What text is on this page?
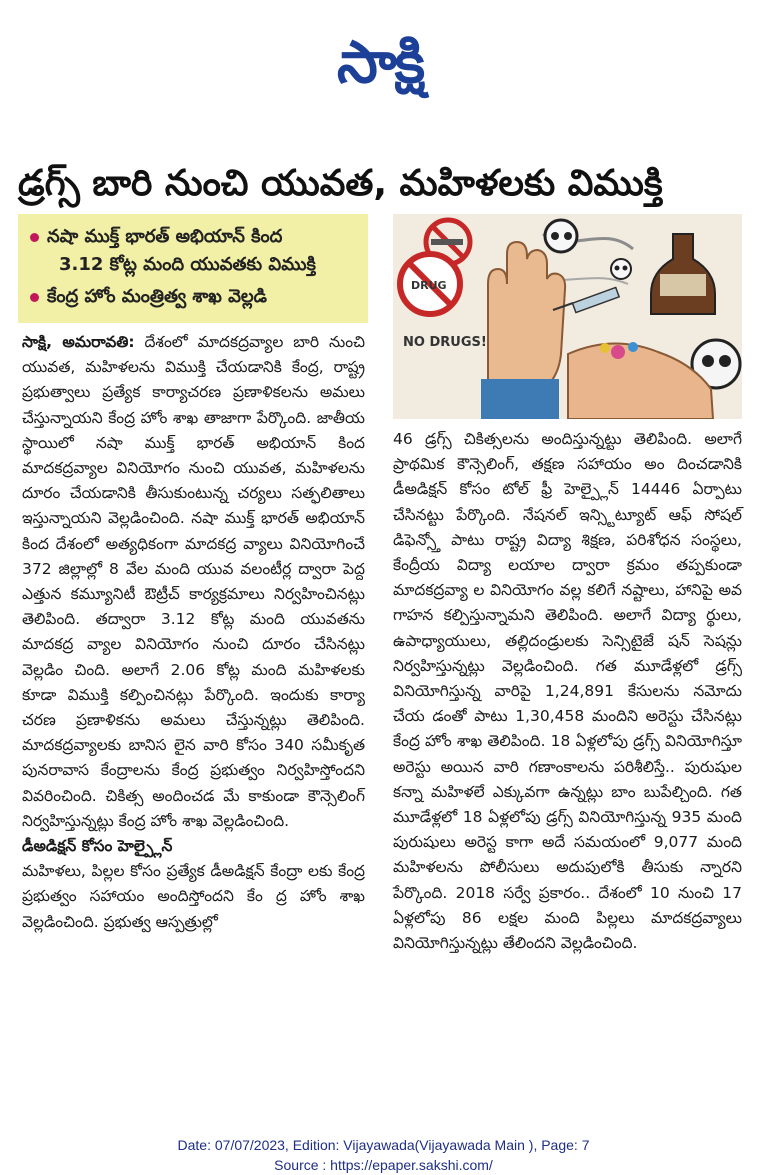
సాక్షి
డ్రగ్స్ బారి నుంచి యువత, మహిళలకు విముక్తి
నషా ముక్త్ భారత్ అభియాన్ కింద
3.12 కోట్ల మంది యువతకు విముక్తి
కేంద్ర హోం మంత్రిత్వ శాఖ వెల్లడి
DRUG
NO DRUGS!

సాక్షి, అమరావతి: దేశంలో మాదకద్రవ్యాల బారి నుంచి యువత, మహిళలను విముక్తి చేయడానికి కేంద్ర, రాష్ట్ర ప్రభుత్వాలు ప్రత్యేక కార్యాచరణ ప్రణాళికలను అమలు చేస్తున్నాయని కేంద్ర హోం శాఖ తాజాగా పేర్కొంది. జాతీయ స్థాయిలో నషా ముక్త్ భారత్ అభియాన్ కింద మాదకద్రవ్యాల వినియోగం నుంచి యువత, మహిళలను దూరం చేయడానికి తీసుకుంటున్న చర్యలు సత్ఫలితాలు ఇస్తున్నాయని వెల్లడించింది. నషా ముక్త్ భారత్ అభియాన్ కింద దేశంలో అత్యధికంగా మాదకద్ర వ్యాలు వినియోగించే 372 జిల్లాల్లో 8 వేల మంది యువ వలంటీర్ల ద్వారా పెద్ద ఎత్తున కమ్యూనిటీ ఔట్రీచ్ కార్యక్రమాలు నిర్వహించినట్లు తెలిపింది. తద్వారా 3.12 కోట్ల మంది యువతను మాదకద్ర వ్యాల వినియోగం నుంచి దూరం చేసినట్లు వెల్లడిం చింది. అలాగే 2.06 కోట్ల మంది మహిళలకు కూడా విముక్తి కల్పించినట్లు పేర్కొంది. ఇందుకు కార్యా చరణ ప్రణాళికను అమలు చేస్తున్నట్లు తెలిపింది. మాదకద్రవ్యాలకు బానిస లైన వారి కోసం 340 సమీకృత పునరావాస కేంద్రాలను కేంద్ర ప్రభుత్వం నిర్వహిస్తోందని వివరించింది. చికిత్స అందించడ మే కాకుండా కౌన్సెలింగ్ నిర్వహిస్తున్నట్లు కేంద్ర హోం శాఖ వెల్లడించింది.

డీఅడిక్షన్ కోసం హెల్ప్లైన్

మహిళలు, పిల్లల కోసం ప్రత్యేక డీఅడిక్షన్ కేంద్రా లకు కేంద్ర ప్రభుత్వం సహాయం అందిస్తోందని కేం ద్ర హోం శాఖ వెల్లడించింది. ప్రభుత్వ ఆస్పత్రుల్లో

46 డ్రగ్స్ చికిత్సలను అందిస్తున్నట్టు తెలిపింది. అలాగే ప్రాథమిక కౌన్సెలింగ్, తక్షణ సహాయం అం దించడానికి డీఅడిక్షన్ కోసం టోల్ ఫ్రీ హెల్ప్లైన్ 14446 ఏర్పాటు చేసినట్టు పేర్కొంది. నేషనల్ ఇన్స్టిట్యూట్ ఆఫ్ సోషల్ డిఫెన్స్తో పాటు రాష్ట్ర విద్యా శిక్షణ, పరిశోధన సంస్థలు, కేంద్రీయ విద్యా లయాల ద్వారా క్రమం తప్పకుండా మాదకద్రవ్యా ల వినియోగం వల్ల కలిగే నష్టాలు, హానిపై అవ గాహన కల్పిస్తున్నామని తెలిపింది. అలాగే విద్యా ర్థులు, ఉపాధ్యాయులు, తల్లిదండ్రులకు సెన్సిటైజే షన్ సెషన్లు నిర్వహిస్తున్నట్లు వెల్లడించింది. గత మూడేళ్లలో డ్రగ్స్ వినియోగిస్తున్న వారిపై 1,24,891 కేసులను నమోదు చేయ డంతో పాటు 1,30,458 మందిని అరెస్టు చేసినట్లు కేంద్ర హోం శాఖ తెలిపింది. 18 ఏళ్లలోపు డ్రగ్స్ వినియోగిస్తూ అరెస్టు అయిన వారి గణాంకాలను పరిశీలిస్తే.. పురుషుల కన్నా మహిళలే ఎక్కువగా ఉన్నట్లు బాం బుపేల్చింది. గత మూడేళ్లలో 18 ఏళ్లలోపు డ్రగ్స్ వినియోగిస్తున్న 935 మంది పురుషులు అరెస్ట కాగా అదే సమయంలో 9,077 మంది మహిళలను పోలీసులు అదుపులోకి తీసుకు న్నారని పేర్కొంది. 2018 సర్వే ప్రకారం.. దేశంలో 10 నుంచి 17 ఏళ్లలోపు 86 లక్షల మంది పిల్లలు మాదకద్రవ్యాలు వినియోగిస్తున్నట్లు తేలిందని వెల్లడించింది.

Date: 07/07/2023, Edition: Vijayawada(Vijayawada Main ), Page: 7
Source : https://epaper.sakshi.com/
